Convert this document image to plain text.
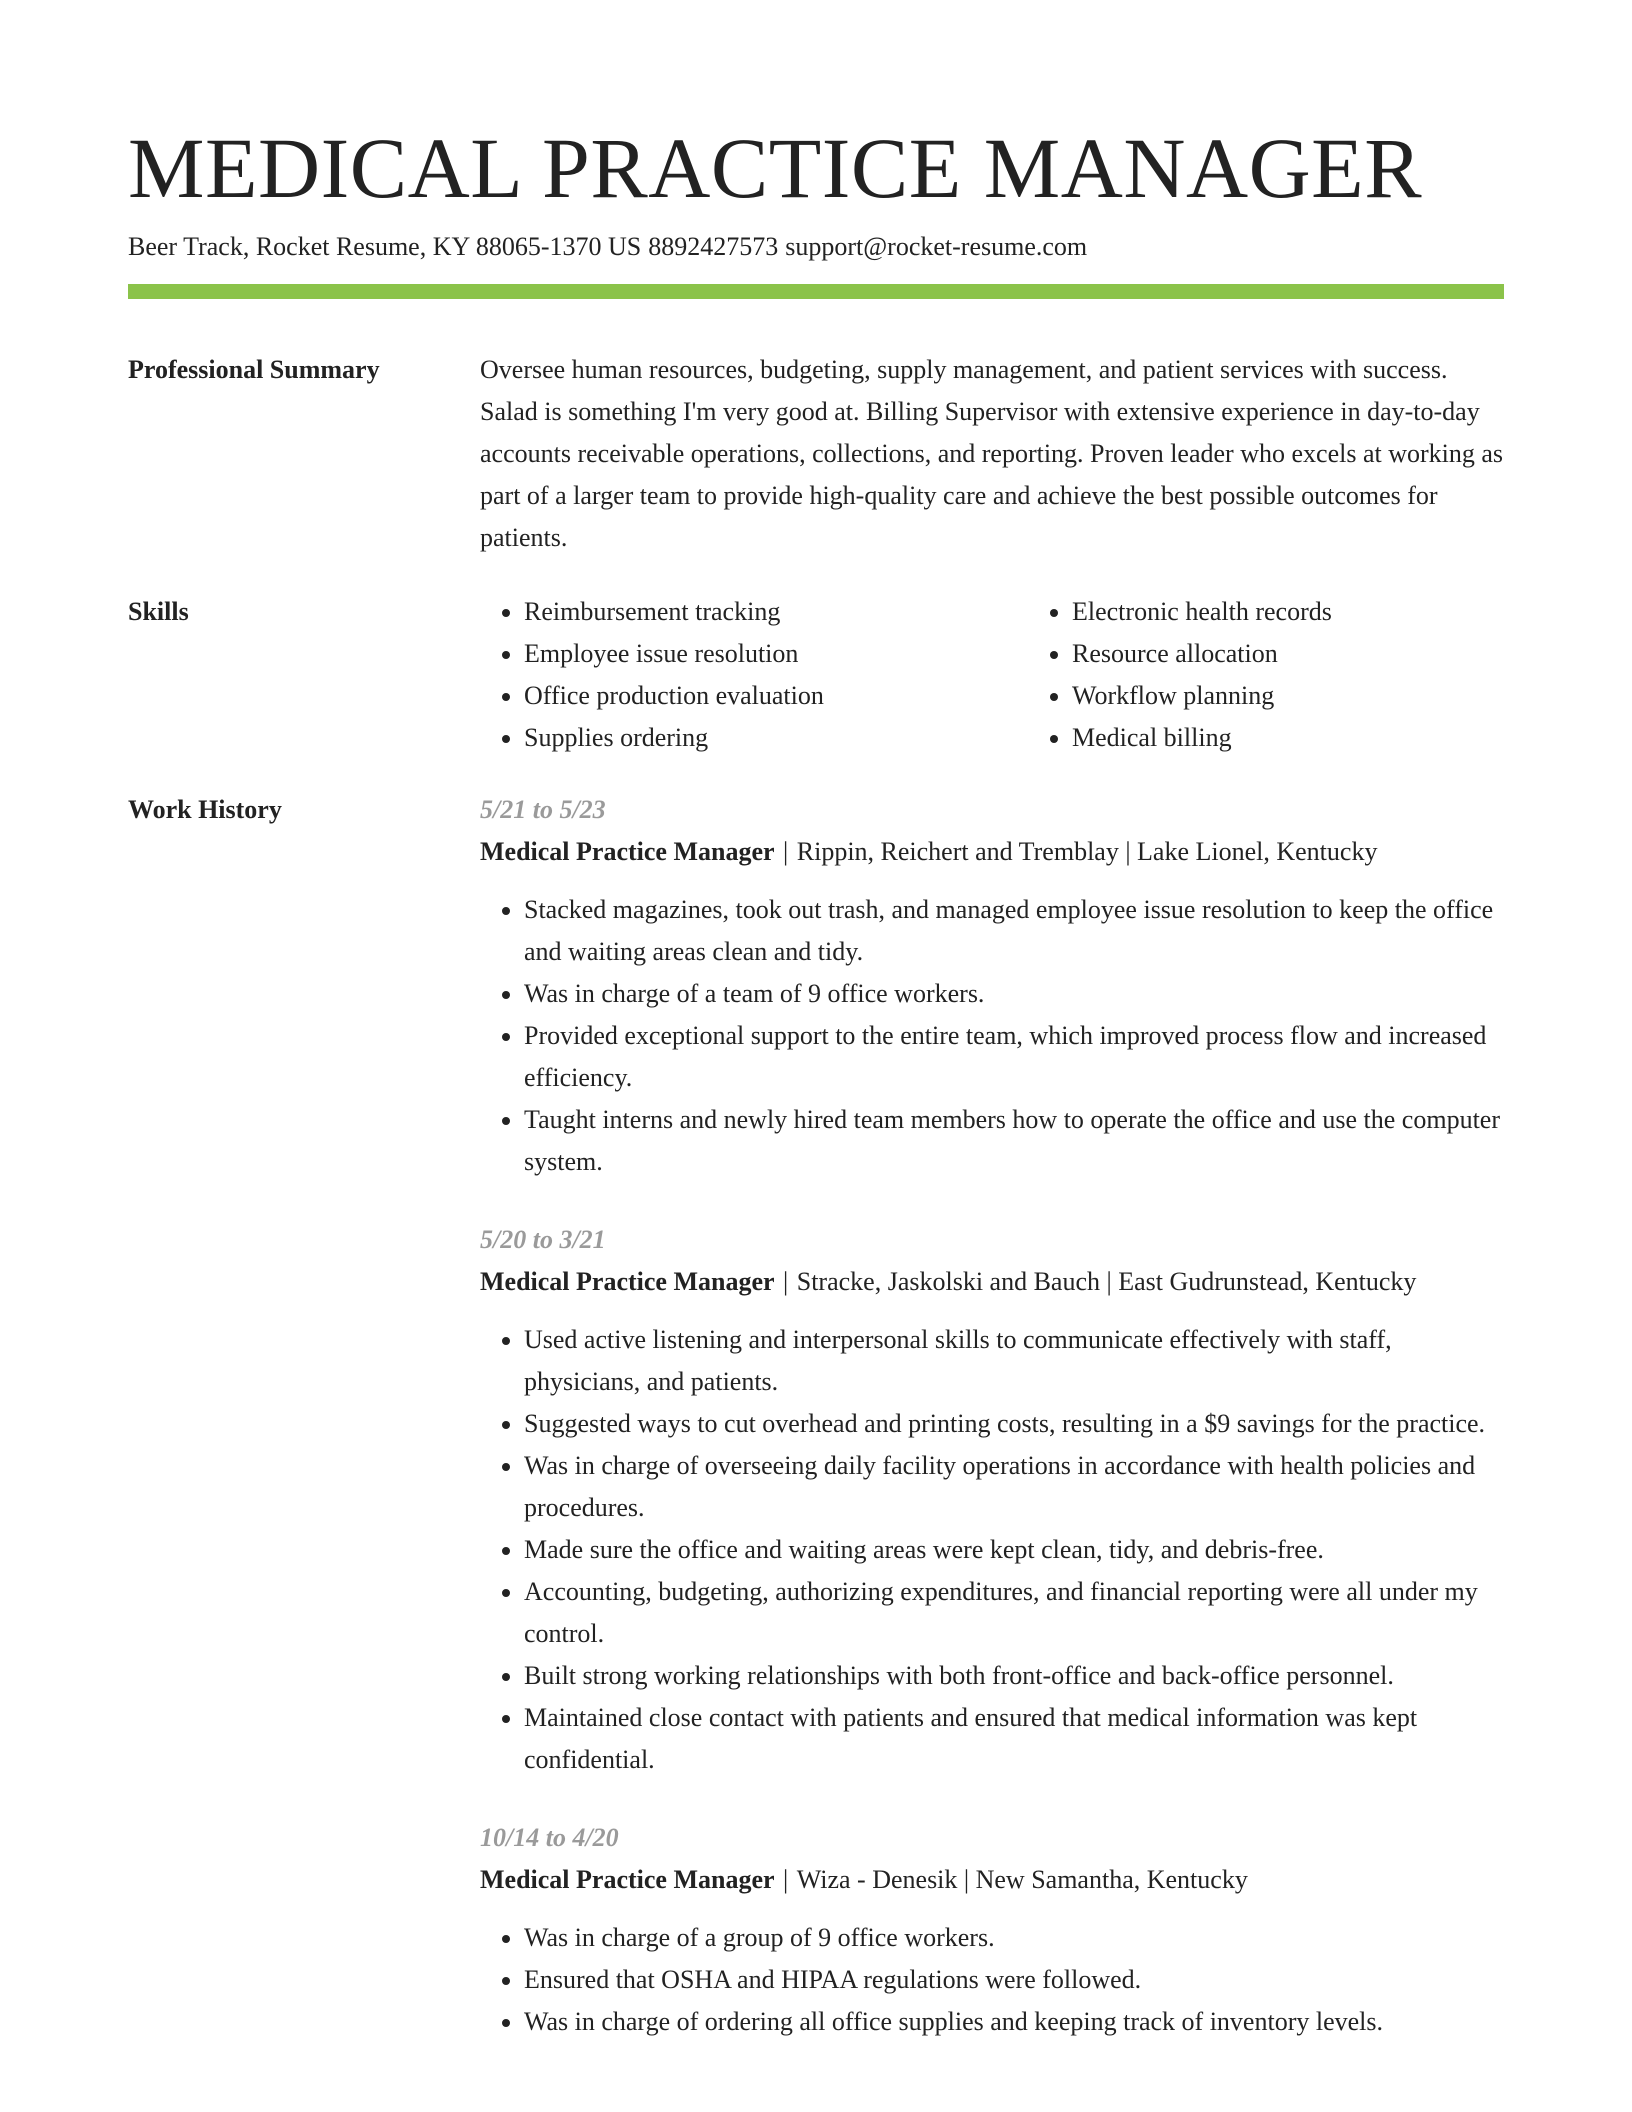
MEDICAL PRACTICE MANAGER
Beer Track, Rocket Resume, KY 88065-1370 US 8892427573 support@rocket-resume.com
Professional Summary	Oversee human resources, budgeting, supply management, and patient services with success. Salad is something I'm very good at. Billing Supervisor with extensive experience in day-to-day accounts receivable operations, collections, and reporting. Proven leader who excels at working as part of a larger team to provide high-quality care and achieve the best possible outcomes for patients.
Skills
•	Reimbursement tracking
• Employee issue resolution
• Office production evaluation
• Supplies ordering
• Electronic health records
• Resource allocation
• Workflow planning
• Medical billing
Work History	5/21 to 5/23
Medical Practice Manager | Rippin, Reichert and Tremblay | Lake Lionel, Kentucky
• Stacked magazines, took out trash, and managed employee issue resolution to keep the office and waiting areas clean and tidy.
• Was in charge of a team of 9 office workers.
• Provided exceptional support to the entire team, which improved process flow and increased efficiency.
• Taught interns and newly hired team members how to operate the office and use the computer system.
5/20 to 3/21
Medical Practice Manager | Stracke, Jaskolski and Bauch | East Gudrunstead, Kentucky
• Used active listening and interpersonal skills to communicate effectively with staff, physicians, and patients.
• Suggested ways to cut overhead and printing costs, resulting in a $9 savings for the practice.
• Was in charge of overseeing daily facility operations in accordance with health policies and procedures.
• Made sure the office and waiting areas were kept clean, tidy, and debris-free.
• Accounting, budgeting, authorizing expenditures, and financial reporting were all under my control.
• Built strong working relationships with both front-office and back-office personnel.
• Maintained close contact with patients and ensured that medical information was kept confidential.
10/14 to 4/20
Medical Practice Manager | Wiza - Denesik | New Samantha, Kentucky
• Was in charge of a group of 9 office workers.
• Ensured that OSHA and HIPAA regulations were followed.
• Was in charge of ordering all office supplies and keeping track of inventory levels.
